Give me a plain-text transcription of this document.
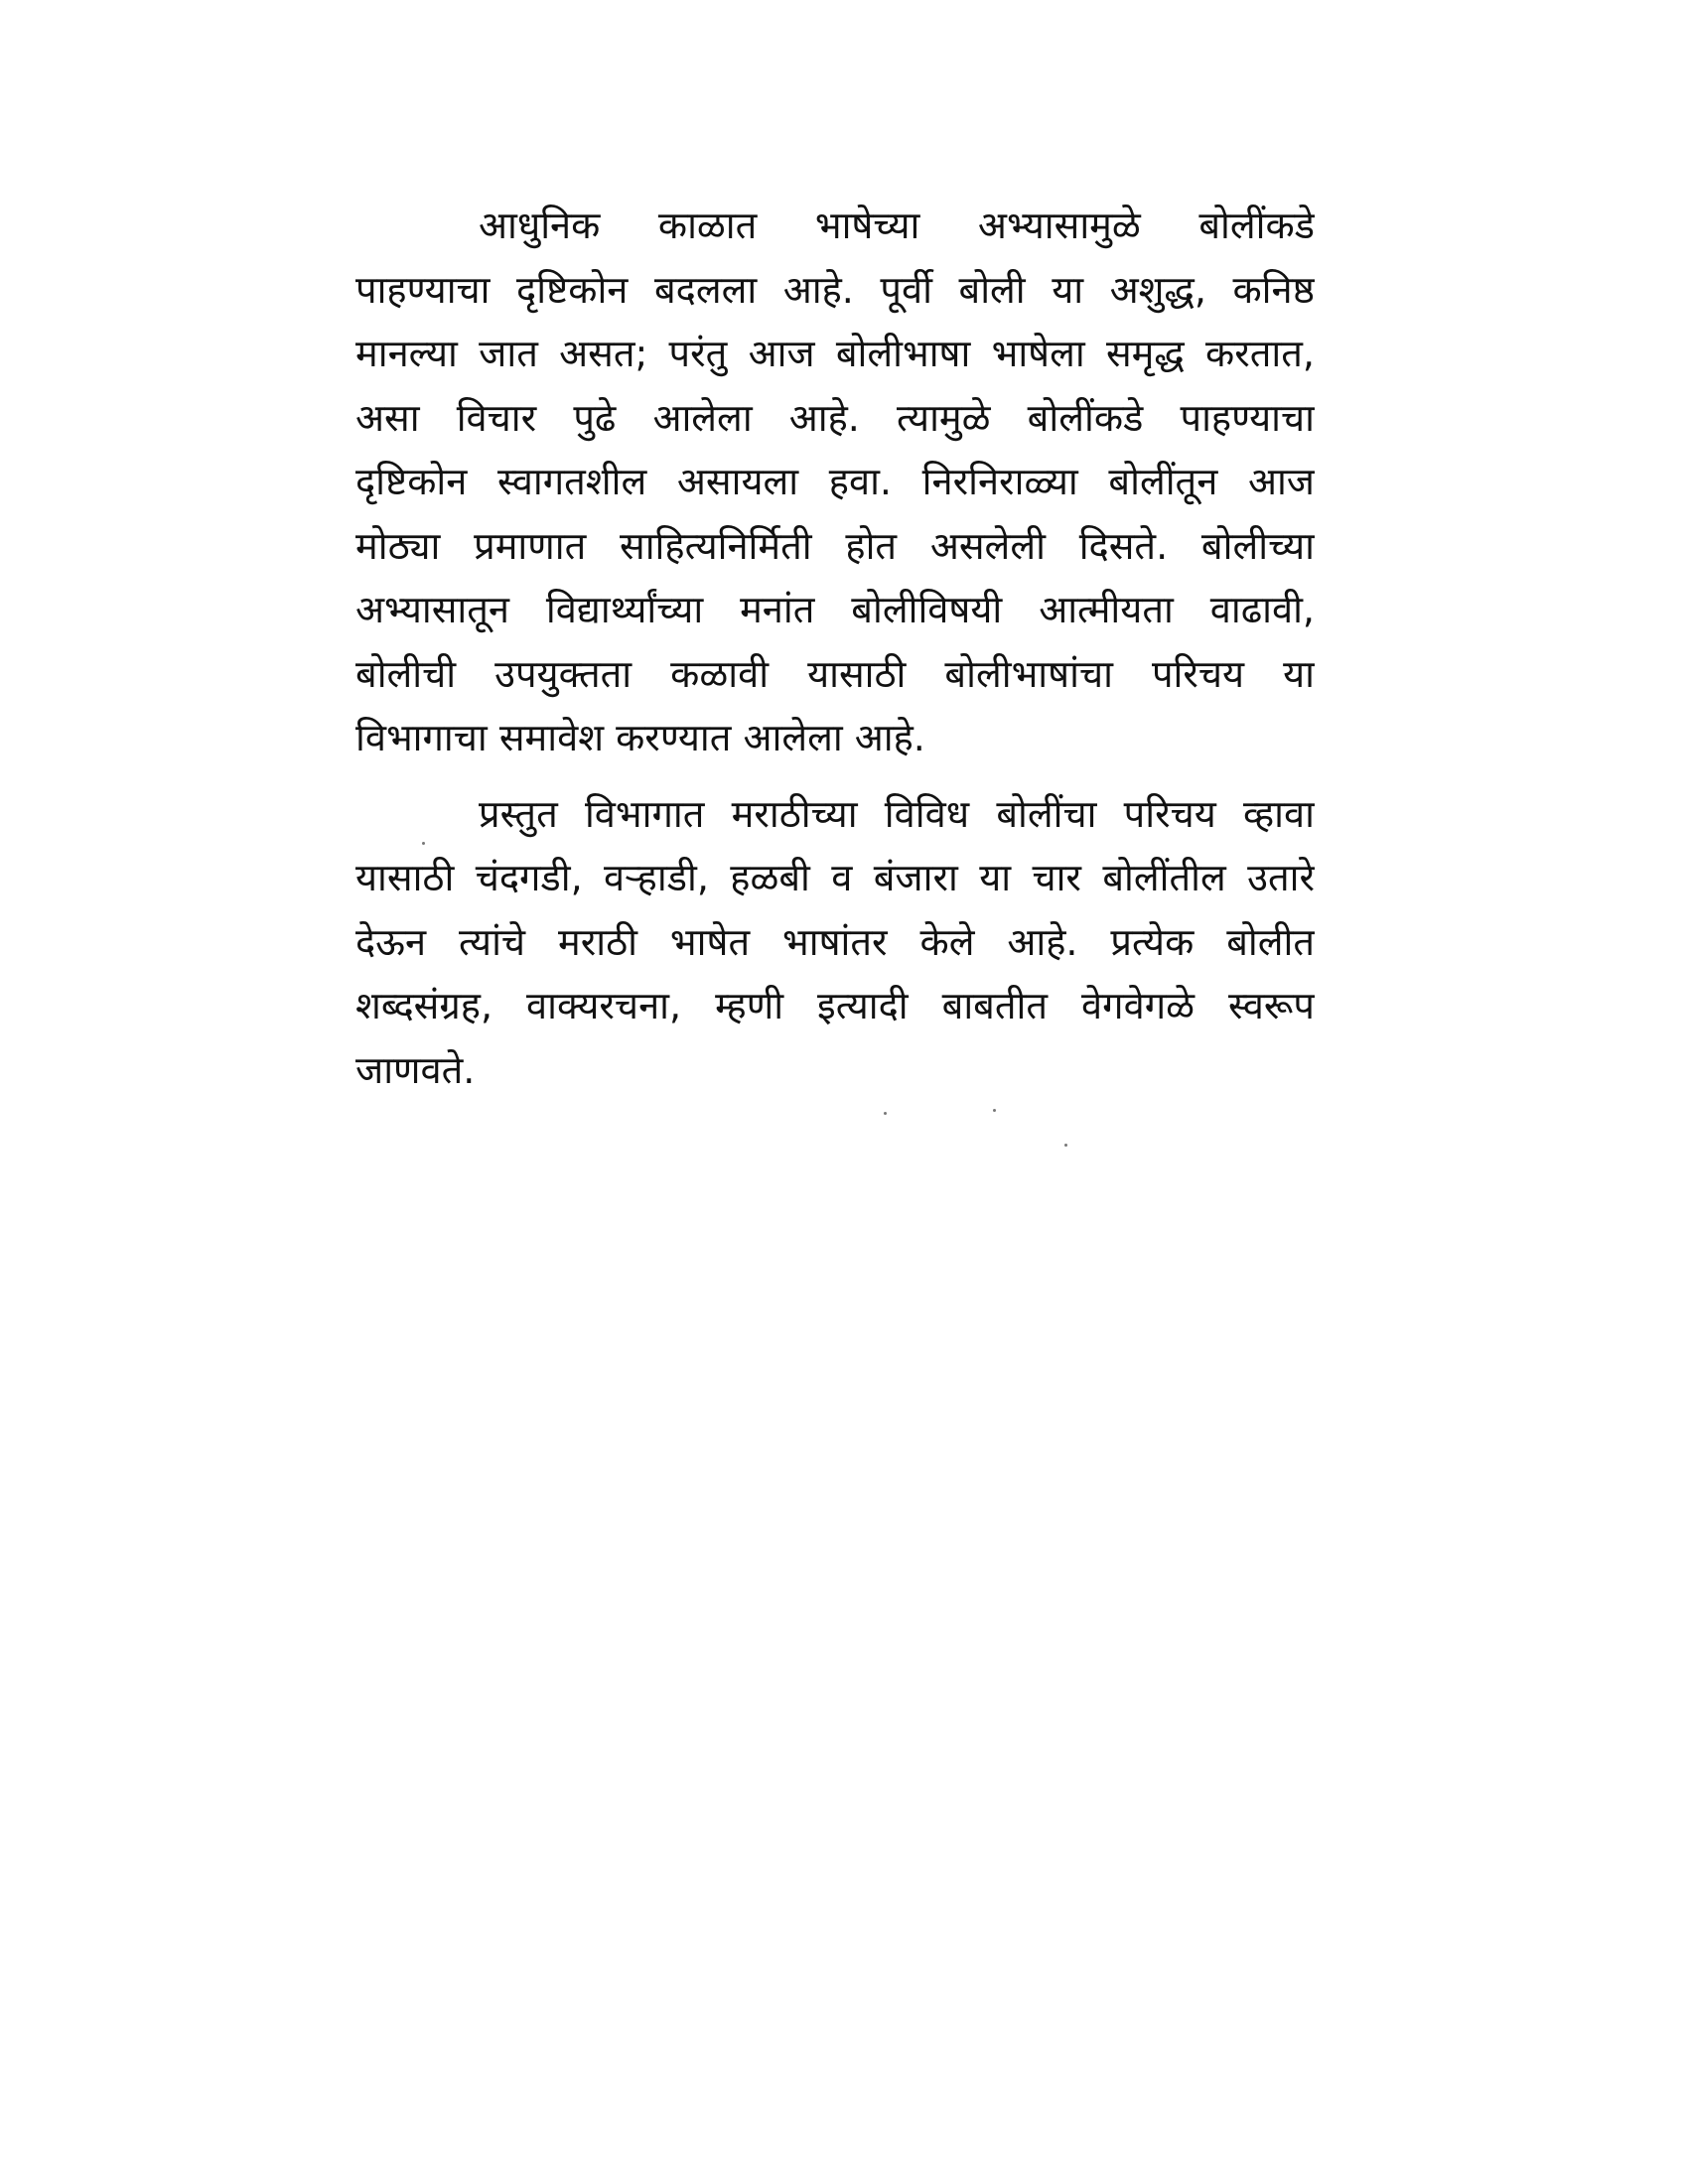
आधुनिक काळात भाषेच्या अभ्यासामुळे बोलींकडे
पाहण्याचा दृष्टिकोन बदलला आहे. पूर्वी बोली या अशुद्ध, कनिष्ठ
मानल्या जात असत; परंतु आज बोलीभाषा भाषेला समृद्ध करतात,
असा विचार पुढे आलेला आहे. त्यामुळे बोलींकडे पाहण्याचा
दृष्टिकोन स्वागतशील असायला हवा. निरनिराळ्या बोलींतून आज
मोठ्या प्रमाणात साहित्यनिर्मिती होत असलेली दिसते. बोलीच्या
अभ्यासातून विद्यार्थ्यांच्या मनांत बोलीविषयी आत्मीयता वाढावी,
बोलीची उपयुक्तता कळावी यासाठी बोलीभाषांचा परिचय या
विभागाचा समावेश करण्यात आलेला आहे.
प्रस्तुत विभागात मराठीच्या विविध बोलींचा परिचय व्हावा
यासाठी चंदगडी, वऱ्हाडी, हळबी व बंजारा या चार बोलींतील उतारे
देऊन त्यांचे मराठी भाषेत भाषांतर केले आहे. प्रत्येक बोलीत
शब्दसंग्रह, वाक्यरचना, म्हणी इत्यादी बाबतीत वेगवेगळे स्वरूप
जाणवते.
